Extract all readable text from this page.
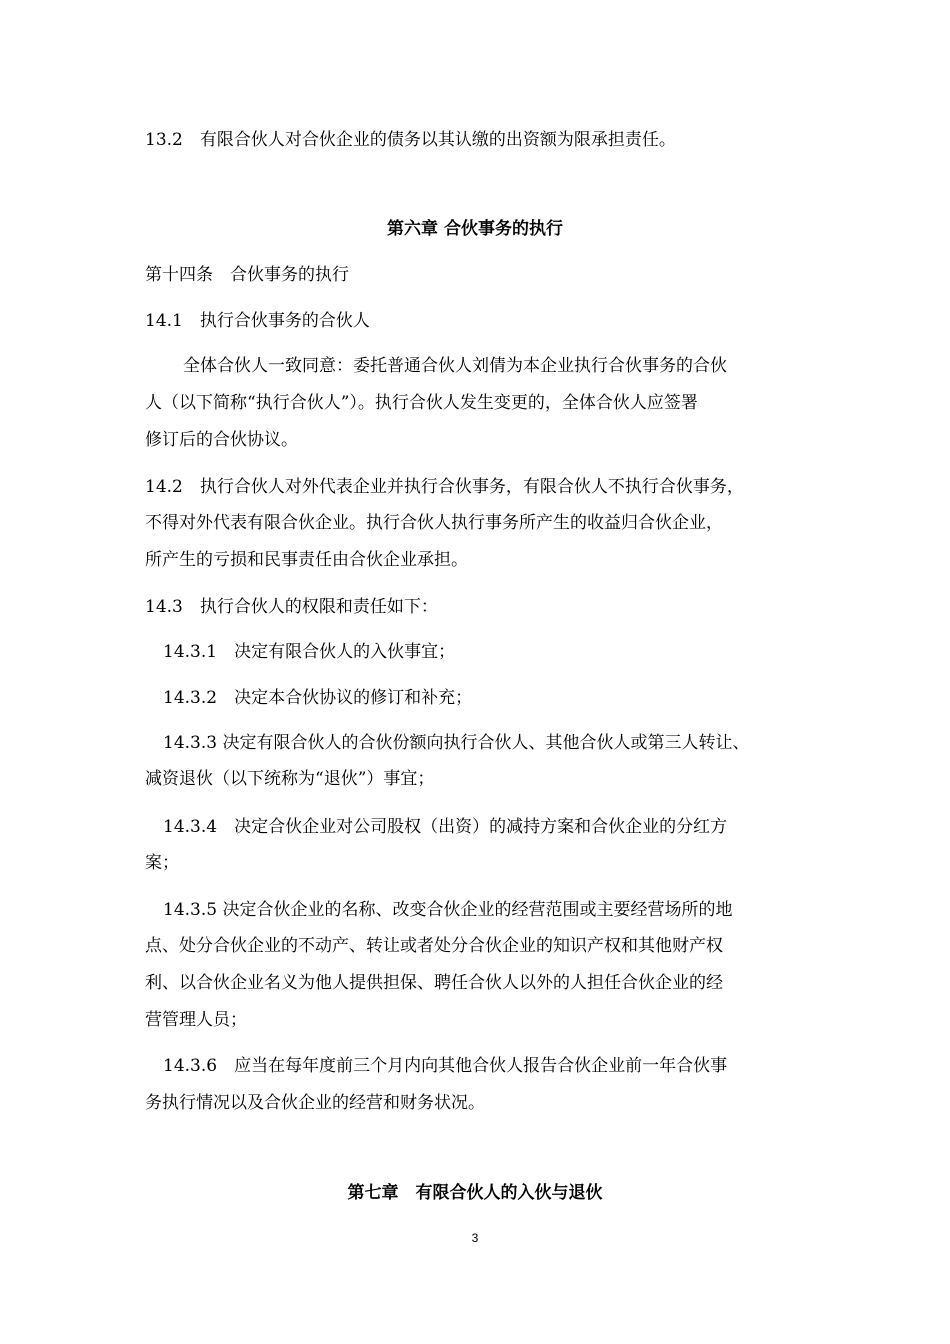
13.2　有限合伙人对合伙企业的债务以其认缴的出资额为限承担责任。
第六章 合伙事务的执行
第十四条　合伙事务的执行
14.1　执行合伙事务的合伙人
全体合伙人一致同意：委托普通合伙人刘倩为本企业执行合伙事务的合伙
人（以下简称“执行合伙人”）。执行合伙人发生变更的，全体合伙人应签署
修订后的合伙协议。
14.2　执行合伙人对外代表企业并执行合伙事务，有限合伙人不执行合伙事务，
不得对外代表有限合伙企业。执行合伙人执行事务所产生的收益归合伙企业，
所产生的亏损和民事责任由合伙企业承担。
14.3　执行合伙人的权限和责任如下：
14.3.1　决定有限合伙人的入伙事宜；
14.3.2　决定本合伙协议的修订和补充；
14.3.3 决定有限合伙人的合伙份额向执行合伙人、其他合伙人或第三人转让、
减资退伙（以下统称为“退伙”）事宜；
14.3.4　决定合伙企业对公司股权（出资）的减持方案和合伙企业的分红方
案；
14.3.5 决定合伙企业的名称、改变合伙企业的经营范围或主要经营场所的地
点、处分合伙企业的不动产、转让或者处分合伙企业的知识产权和其他财产权
利、以合伙企业名义为他人提供担保、聘任合伙人以外的人担任合伙企业的经
营管理人员；
14.3.6　应当在每年度前三个月内向其他合伙人报告合伙企业前一年合伙事
务执行情况以及合伙企业的经营和财务状况。
第七章　有限合伙人的入伙与退伙
3
